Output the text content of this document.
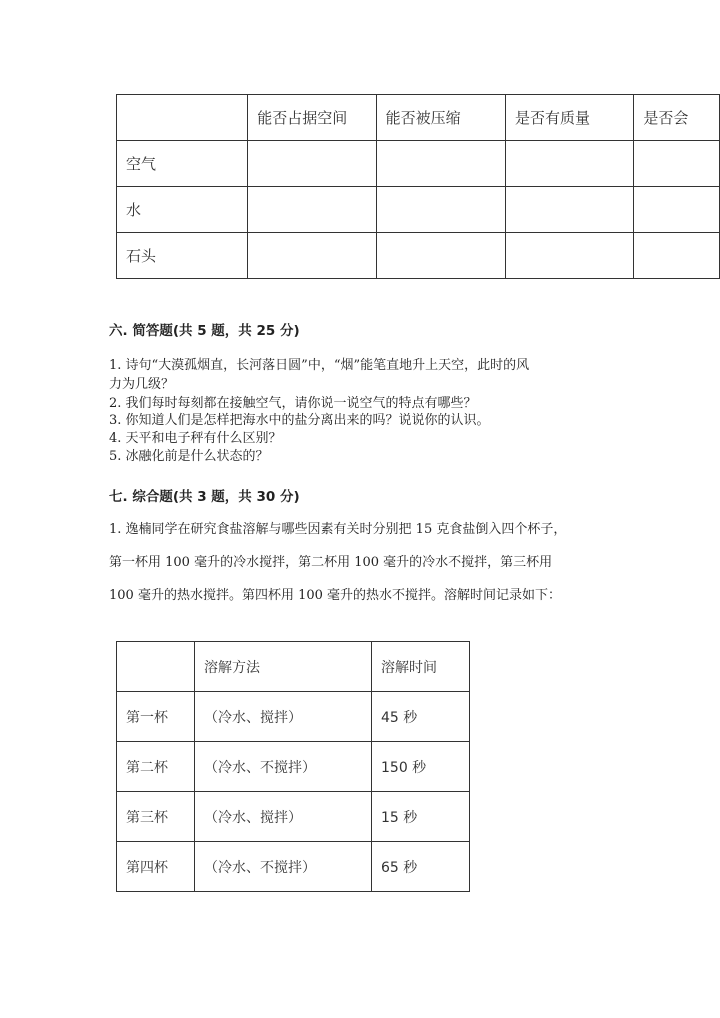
	能否占据空间	能否被压缩	是否有质量	是否会
空气				
水				
石头				
六. 简答题(共 5 题，共 25 分)
1. 诗句“大漠孤烟直，长河落日圆”中，“烟”能笔直地升上天空，此时的风
力为几级？
2. 我们每时每刻都在接触空气，请你说一说空气的特点有哪些？
3. 你知道人们是怎样把海水中的盐分离出来的吗？说说你的认识。
4. 天平和电子秤有什么区别？
5. 冰融化前是什么状态的？
七. 综合题(共 3 题，共 30 分)
1. 逸楠同学在研究食盐溶解与哪些因素有关时分别把 15 克食盐倒入四个杯子，
第一杯用 100 毫升的冷水搅拌，第二杯用 100 毫升的冷水不搅拌，第三杯用
100 毫升的热水搅拌。第四杯用 100 毫升的热水不搅拌。溶解时间记录如下：
	溶解方法	溶解时间
第一杯	（冷水、搅拌）	45 秒
第二杯	（冷水、不搅拌）	150 秒
第三杯	（冷水、搅拌）	15 秒
第四杯	（冷水、不搅拌）	65 秒
